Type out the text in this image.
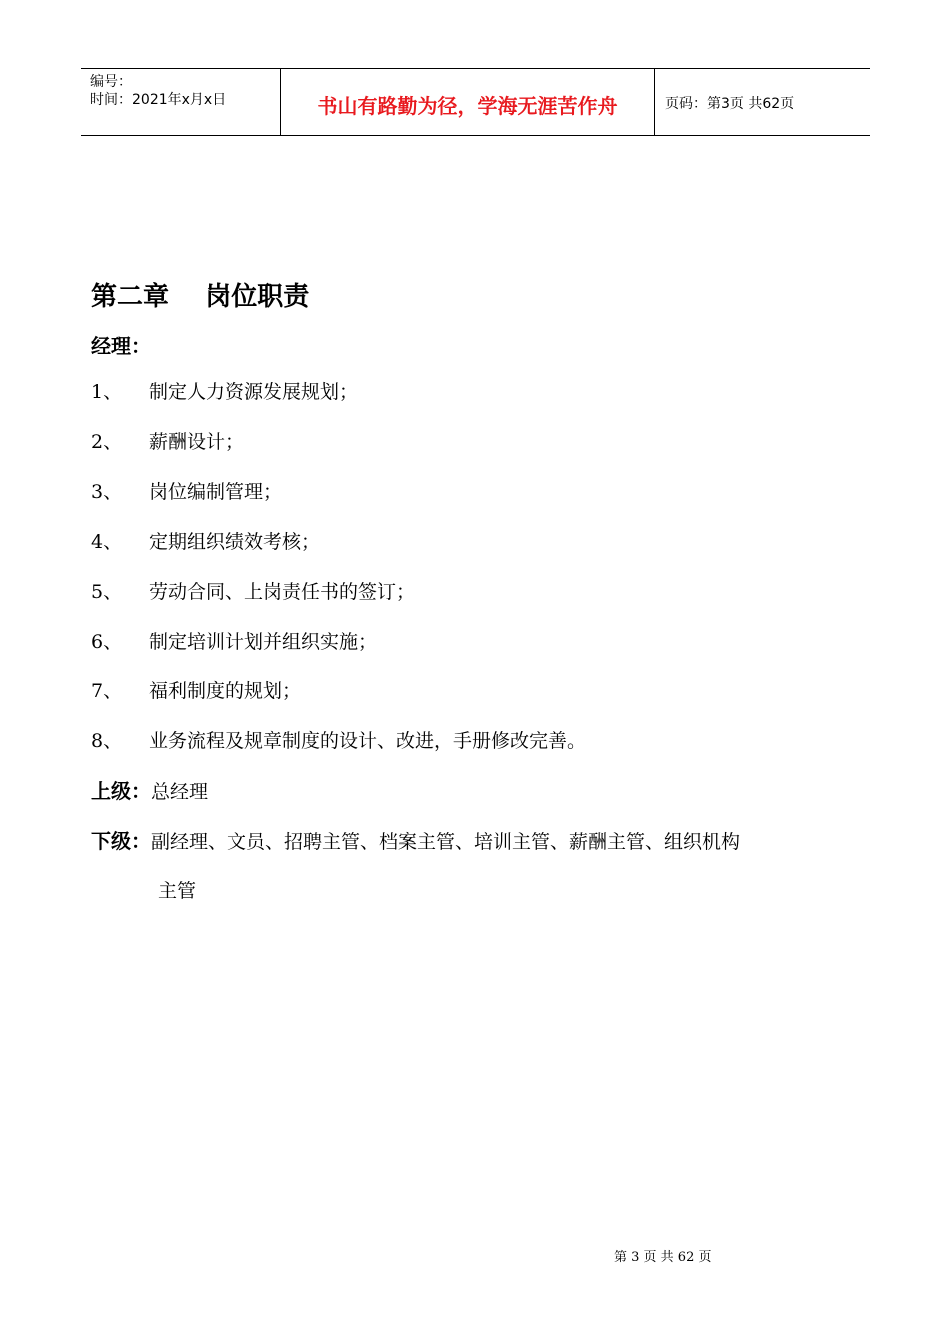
编号：
时间：2021年x月x日	书山有路勤为径，学海无涯苦作舟	页码：第3页 共62页
第二章    岗位职责
经理：
1、 制定人力资源发展规划；
2、 薪酬设计；
3、 岗位编制管理；
4、 定期组织绩效考核；
5、 劳动合同、上岗责任书的签订；
6、 制定培训计划并组织实施；
7、 福利制度的规划；
8、 业务流程及规章制度的设计、改进，手册修改完善。
上级：总经理
下级：副经理、文员、招聘主管、档案主管、培训主管、薪酬主管、组织机构
主管
第 3 页 共 62 页
